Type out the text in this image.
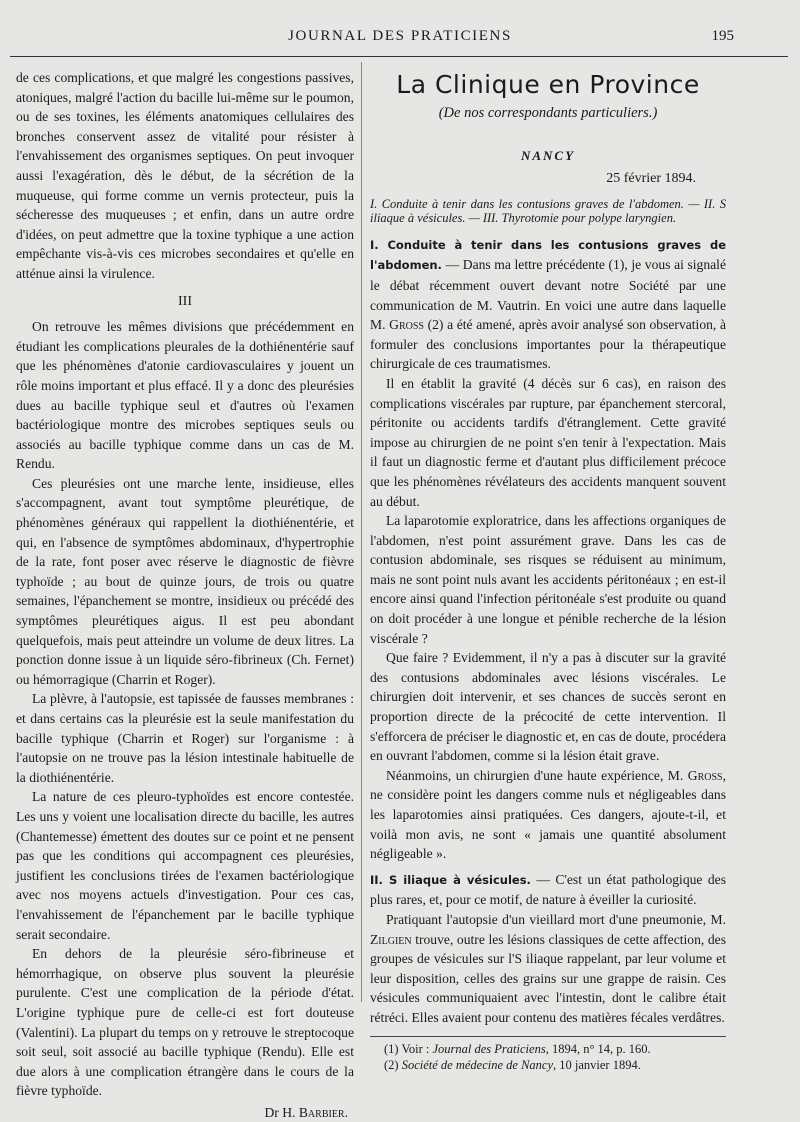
JOURNAL DES PRATICIENS	195

de ces complications, et que malgré les congestions passives, atoniques, malgré l'action du bacille lui-même sur le poumon, ou de ses toxines, les éléments anatomiques cellulaires des bronches conservent assez de vitalité pour résister à l'envahissement des organismes septiques. On peut invoquer aussi l'exagération, dès le début, de la sécrétion de la muqueuse, qui forme comme un vernis protecteur, puis la sécheresse des muqueuses ; et enfin, dans un autre ordre d'idées, on peut admettre que la toxine typhique a une action empêchante vis-à-vis ces microbes secondaires et qu'elle en atténue ainsi la virulence.

III

On retrouve les mêmes divisions que précédemment en étudiant les complications pleurales de la dothiénentérie sauf que les phénomènes d'atonie cardiovasculaires y jouent un rôle moins important et plus effacé. Il y a donc des pleurésies dues au bacille typhique seul et d'autres où l'examen bactériologique montre des microbes septiques seuls ou associés au bacille typhique comme dans un cas de M. Rendu.

Ces pleurésies ont une marche lente, insidieuse, elles s'accompagnent, avant tout symptôme pleurétique, de phénomènes généraux qui rappellent la diothiénentérie, et qui, en l'absence de symptômes abdominaux, d'hypertrophie de la rate, font poser avec réserve le diagnostic de fièvre typhoïde ; au bout de quinze jours, de trois ou quatre semaines, l'épanchement se montre, insidieux ou précédé des symptômes pleurétiques aigus. Il est peu abondant quelquefois, mais peut atteindre un volume de deux litres. La ponction donne issue à un liquide séro-fibrineux (Ch. Fernet) ou hémorragique (Charrin et Roger).

La plèvre, à l'autopsie, est tapissée de fausses membranes : et dans certains cas la pleurésie est la seule manifestation du bacille typhique (Charrin et Roger) sur l'organisme : à l'autopsie on ne trouve pas la lésion intestinale habituelle de la diothiénentérie.

La nature de ces pleuro-typhoïdes est encore contestée. Les uns y voient une localisation directe du bacille, les autres (Chantemesse) émettent des doutes sur ce point et ne pensent pas que les conditions qui accompagnent ces pleurésies, justifient les conclusions tirées de l'examen bactériologique avec nos moyens actuels d'investigation. Pour ces cas, l'envahissement de l'épanchement par le bacille typhique serait secondaire.

En dehors de la pleurésie séro-fibrineuse et hémorrhagique, on observe plus souvent la pleurésie purulente. C'est une complication de la période d'état. L'origine typhique pure de celle-ci est fort douteuse (Valentini). La plupart du temps on y retrouve le streptocoque soit seul, soit associé au bacille typhique (Rendu). Elle est due alors à une complication étrangère dans le cours de la fièvre typhoïde.

Dr H. Barbier.
La Clinique en Province
(De nos correspondants particuliers.)
NANCY
25 février 1894.
I. Conduite à tenir dans les contusions graves de l'abdomen. — II. S iliaque à vésicules. — III. Thyrotomie pour polype laryngien.

I. Conduite à tenir dans les contusions graves de l'abdomen. — Dans ma lettre précédente (1), je vous ai signalé le débat récemment ouvert devant notre Société par une communication de M. Vautrin. En voici une autre dans laquelle M. Gross (2) a été amené, après avoir analysé son observation, à formuler des conclusions importantes pour la thérapeutique chirurgicale de ces traumatismes.

Il en établit la gravité (4 décès sur 6 cas), en raison des complications viscérales par rupture, par épanchement stercoral, péritonite ou accidents tardifs d'étranglement. Cette gravité impose au chirurgien de ne point s'en tenir à l'expectation. Mais il faut un diagnostic ferme et d'autant plus difficilement précoce que les phénomènes révélateurs des accidents manquent souvent au début.

La laparotomie exploratrice, dans les affections organiques de l'abdomen, n'est point assurément grave. Dans les cas de contusion abdominale, ses risques se réduisent au minimum, mais ne sont point nuls avant les accidents péritonéaux ; en est-il encore ainsi quand l'infection péritonéale s'est produite ou quand on doit procéder à une longue et pénible recherche de la lésion viscérale ?

Que faire ? Evidemment, il n'y a pas à discuter sur la gravité des contusions abdominales avec lésions viscérales. Le chirurgien doit intervenir, et ses chances de succès seront en proportion directe de la précocité de cette intervention. Il s'efforcera de préciser le diagnostic et, en cas de doute, procédera en ouvrant l'abdomen, comme si la lésion était grave.

Néanmoins, un chirurgien d'une haute expérience, M. Gross, ne considère point les dangers comme nuls et négligeables dans les laparotomies ainsi pratiquées. Ces dangers, ajoute-t-il, et voilà mon avis, ne sont « jamais une quantité absolument négligeable ».

II. S iliaque à vésicules. — C'est un état pathologique des plus rares, et, pour ce motif, de nature à éveiller la curiosité.

Pratiquant l'autopsie d'un vieillard mort d'une pneumonie, M. Zilgien trouve, outre les lésions classiques de cette affection, des groupes de vésicules sur l'S iliaque rappelant, par leur volume et leur disposition, celles des grains sur une grappe de raisin. Ces vésicules communiquaient avec l'intestin, dont le calibre était rétréci. Elles avaient pour contenu des matières fécales verdâtres.

(1) Voir : Journal des Praticiens, 1894, n° 14, p. 160.
(2) Société de médecine de Nancy, 10 janvier 1894.
